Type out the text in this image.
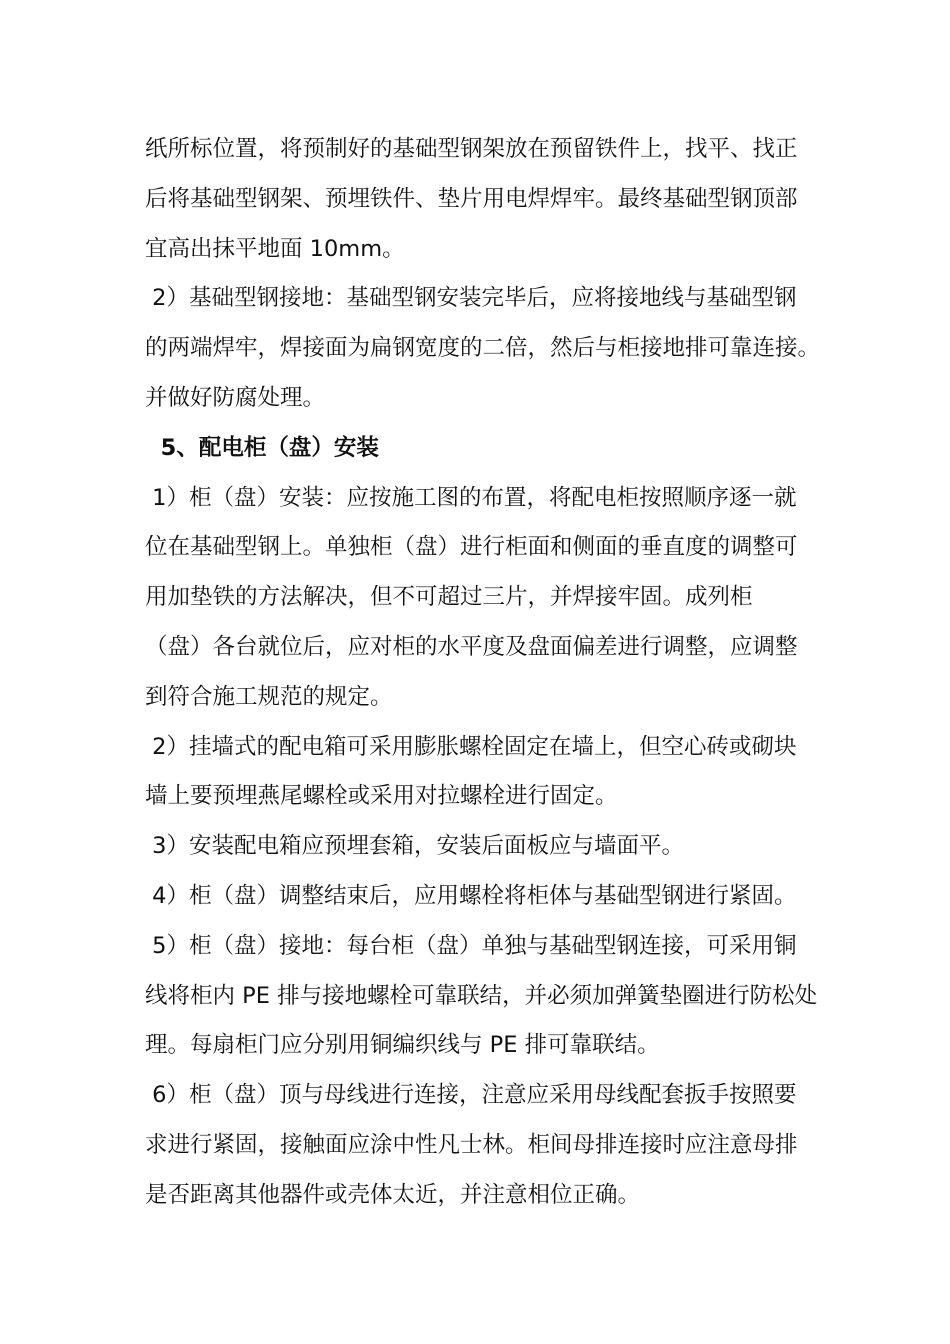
纸所标位置，将预制好的基础型钢架放在预留铁件上，找平、找正
后将基础型钢架、预埋铁件、垫片用电焊焊牢。最终基础型钢顶部
宜高出抹平地面 10mm。
2）基础型钢接地：基础型钢安装完毕后，应将接地线与基础型钢
的两端焊牢，焊接面为扁钢宽度的二倍，然后与柜接地排可靠连接。
并做好防腐处理。
5、配电柜（盘）安装
1）柜（盘）安装：应按施工图的布置，将配电柜按照顺序逐一就
位在基础型钢上。单独柜（盘）进行柜面和侧面的垂直度的调整可
用加垫铁的方法解决，但不可超过三片，并焊接牢固。成列柜
（盘）各台就位后，应对柜的水平度及盘面偏差进行调整，应调整
到符合施工规范的规定。
2）挂墙式的配电箱可采用膨胀螺栓固定在墙上，但空心砖或砌块
墙上要预埋燕尾螺栓或采用对拉螺栓进行固定。
3）安装配电箱应预埋套箱，安装后面板应与墙面平。
4）柜（盘）调整结束后，应用螺栓将柜体与基础型钢进行紧固。
5）柜（盘）接地：每台柜（盘）单独与基础型钢连接，可采用铜
线将柜内 PE 排与接地螺栓可靠联结，并必须加弹簧垫圈进行防松处
理。每扇柜门应分别用铜编织线与 PE 排可靠联结。
6）柜（盘）顶与母线进行连接，注意应采用母线配套扳手按照要
求进行紧固，接触面应涂中性凡士林。柜间母排连接时应注意母排
是否距离其他器件或壳体太近，并注意相位正确。
